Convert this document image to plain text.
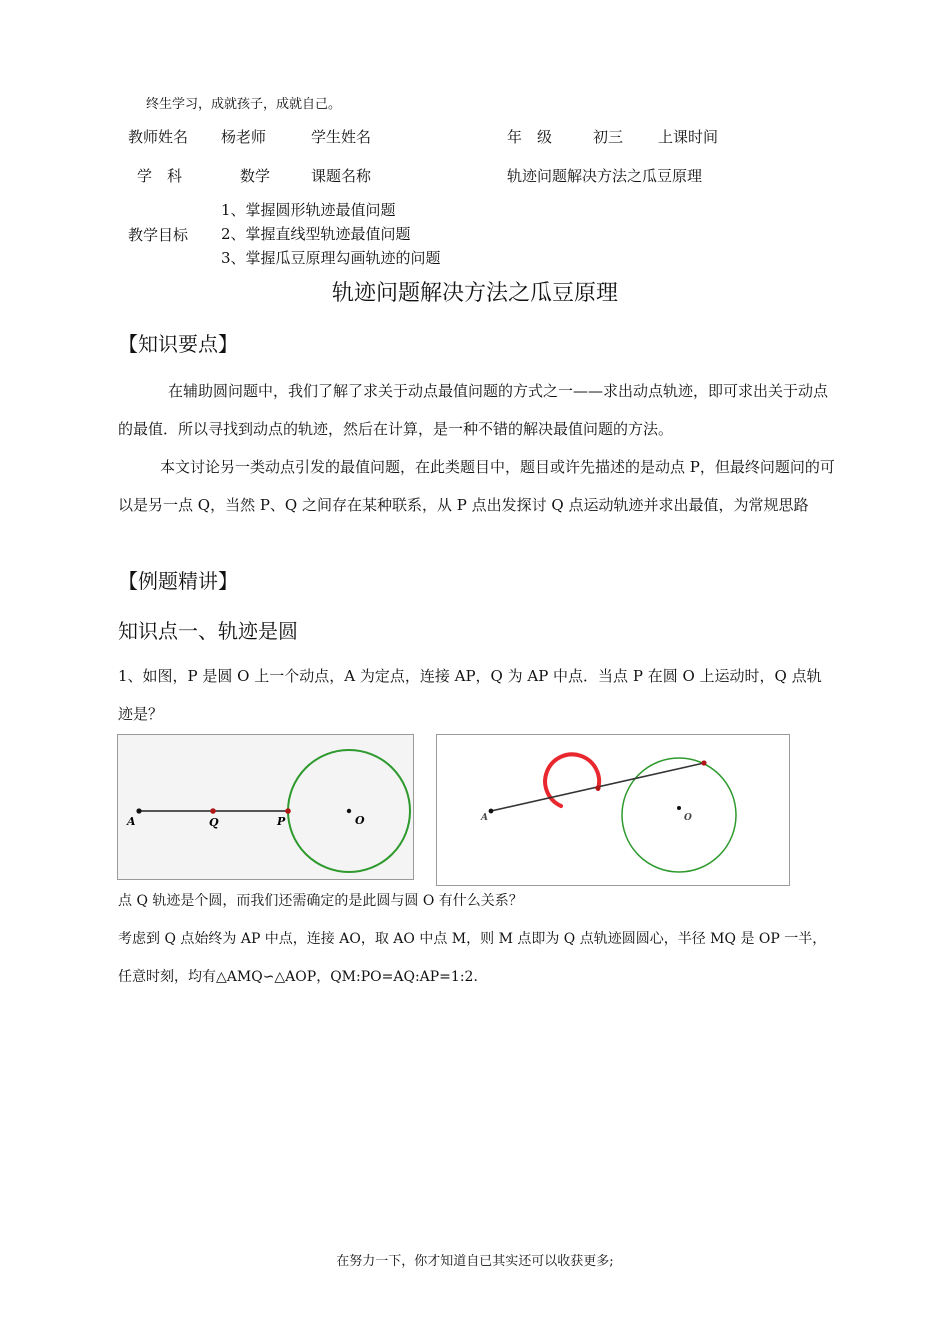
终生学习，成就孩子，成就自己。
教师姓名 杨老师	学生姓名	年　级	初三 上课时间
学　科	数学	课题名称	轨迹问题解决方法之瓜豆原理
教学目标
1、掌握圆形轨迹最值问题
2、掌握直线型轨迹最值问题
3、掌握瓜豆原理勾画轨迹的问题
轨迹问题解决方法之瓜豆原理
【知识要点】
在辅助圆问题中，我们了解了求关于动点最值问题的方式之一——求出动点轨迹，即可求出关于动点的最值．所以寻找到动点的轨迹，然后在计算，是一种不错的解决最值问题的方法。
本文讨论另一类动点引发的最值问题，在此类题目中，题目或许先描述的是动点 P，但最终问题问的可以是另一点 Q，当然 P、Q 之间存在某种联系，从 P 点出发探讨 Q 点运动轨迹并求出最值，为常规思路
【例题精讲】
知识点一、轨迹是圆
1、如图，P 是圆 O 上一个动点，A 为定点，连接 AP，Q 为 AP 中点．当点 P 在圆 O 上运动时，Q 点轨迹是？
A	Q	P	O	A	O
点 Q 轨迹是个圆，而我们还需确定的是此圆与圆 O 有什么关系？
考虑到 Q 点始终为 AP 中点，连接 AO，取 AO 中点 M，则 M 点即为 Q 点轨迹圆圆心，半径 MQ 是 OP 一半，任意时刻，均有△AMQ∽△AOP，QM:PO=AQ:AP=1:2．
在努力一下，你才知道自已其实还可以收获更多;
